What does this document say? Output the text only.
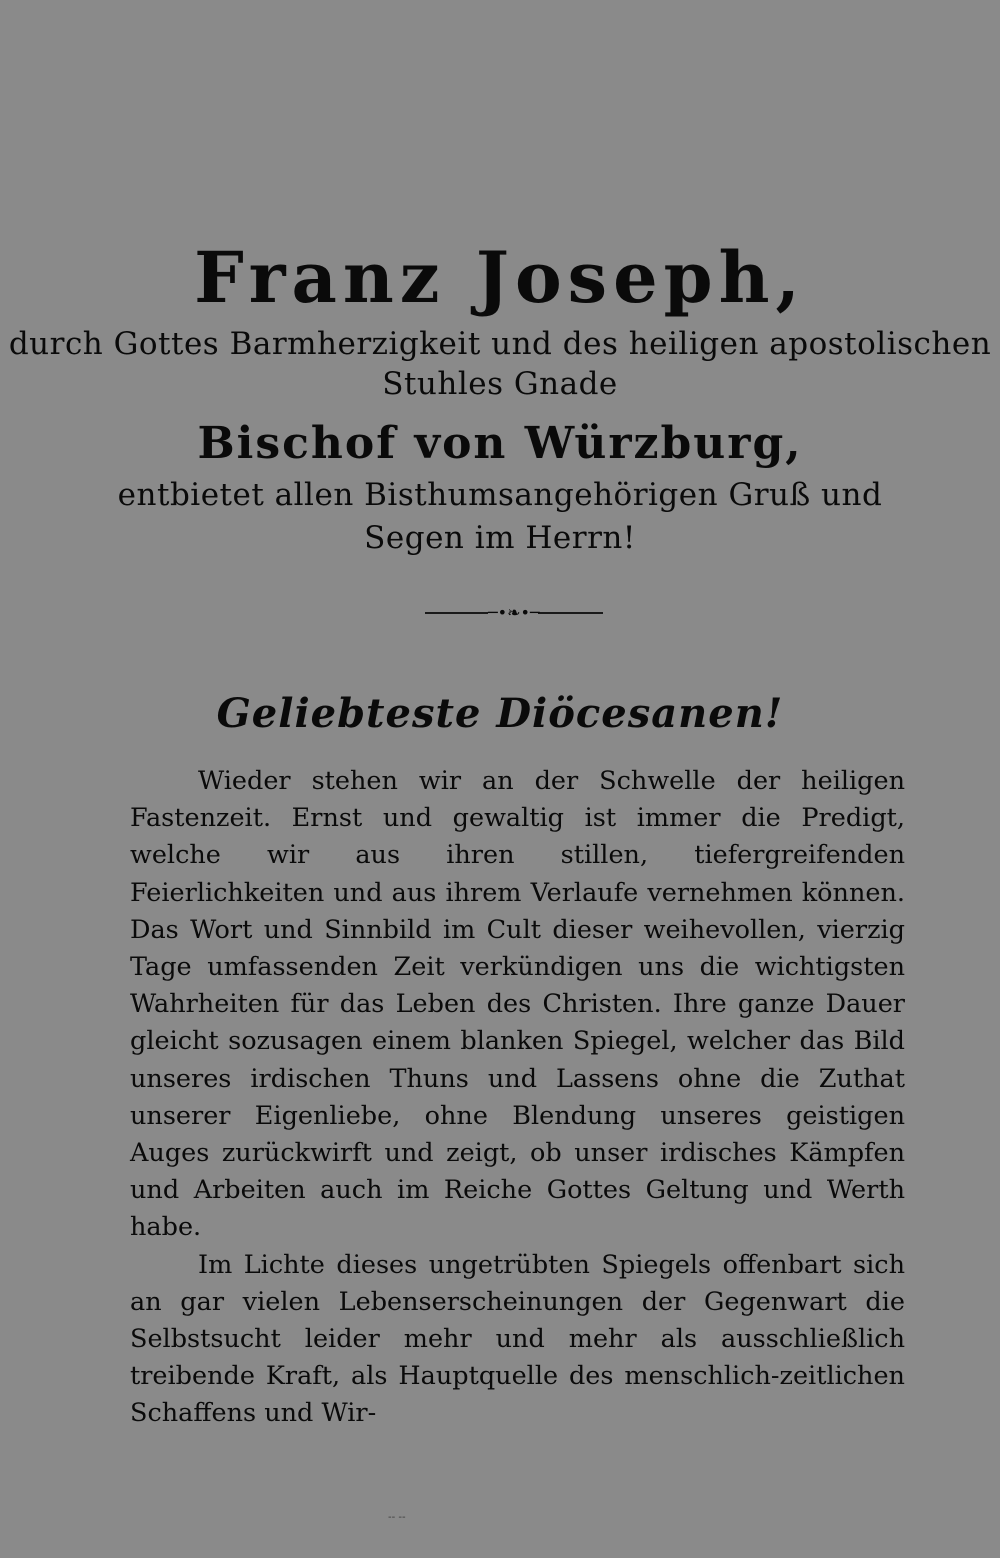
Franz Joseph,
durch Gottes Barmherzigkeit und des heiligen apostolischen
Stuhles Gnade
Bischof von Würzburg,
entbietet allen Bisthumsangehörigen Gruß und
Segen im Herrn!
─•❧•─
Geliebteste Diöcesanen!

Wieder stehen wir an der Schwelle der heiligen Fastenzeit. Ernst und gewaltig ist immer die Predigt, welche wir aus ihren stillen, tiefergreifenden Feierlichkeiten und aus ihrem Verlaufe vernehmen können. Das Wort und Sinnbild im Cult dieser weihevollen, vierzig Tage umfassenden Zeit verkündigen uns die wichtigsten Wahrheiten für das Leben des Christen. Ihre ganze Dauer gleicht sozusagen einem blanken Spiegel, welcher das Bild unseres irdischen Thuns und Lassens ohne die Zuthat unserer Eigenliebe, ohne Blendung unseres geistigen Auges zurückwirft und zeigt, ob unser irdisches Kämpfen und Arbeiten auch im Reiche Gottes Geltung und Werth habe.

Im Lichte dieses ungetrübten Spiegels offenbart sich an gar vielen Lebenserscheinungen der Gegenwart die Selbstsucht leider mehr und mehr als ausschließlich treibende Kraft, als Hauptquelle des menschlich-zeitlichen Schaffens und Wir-

-- --
